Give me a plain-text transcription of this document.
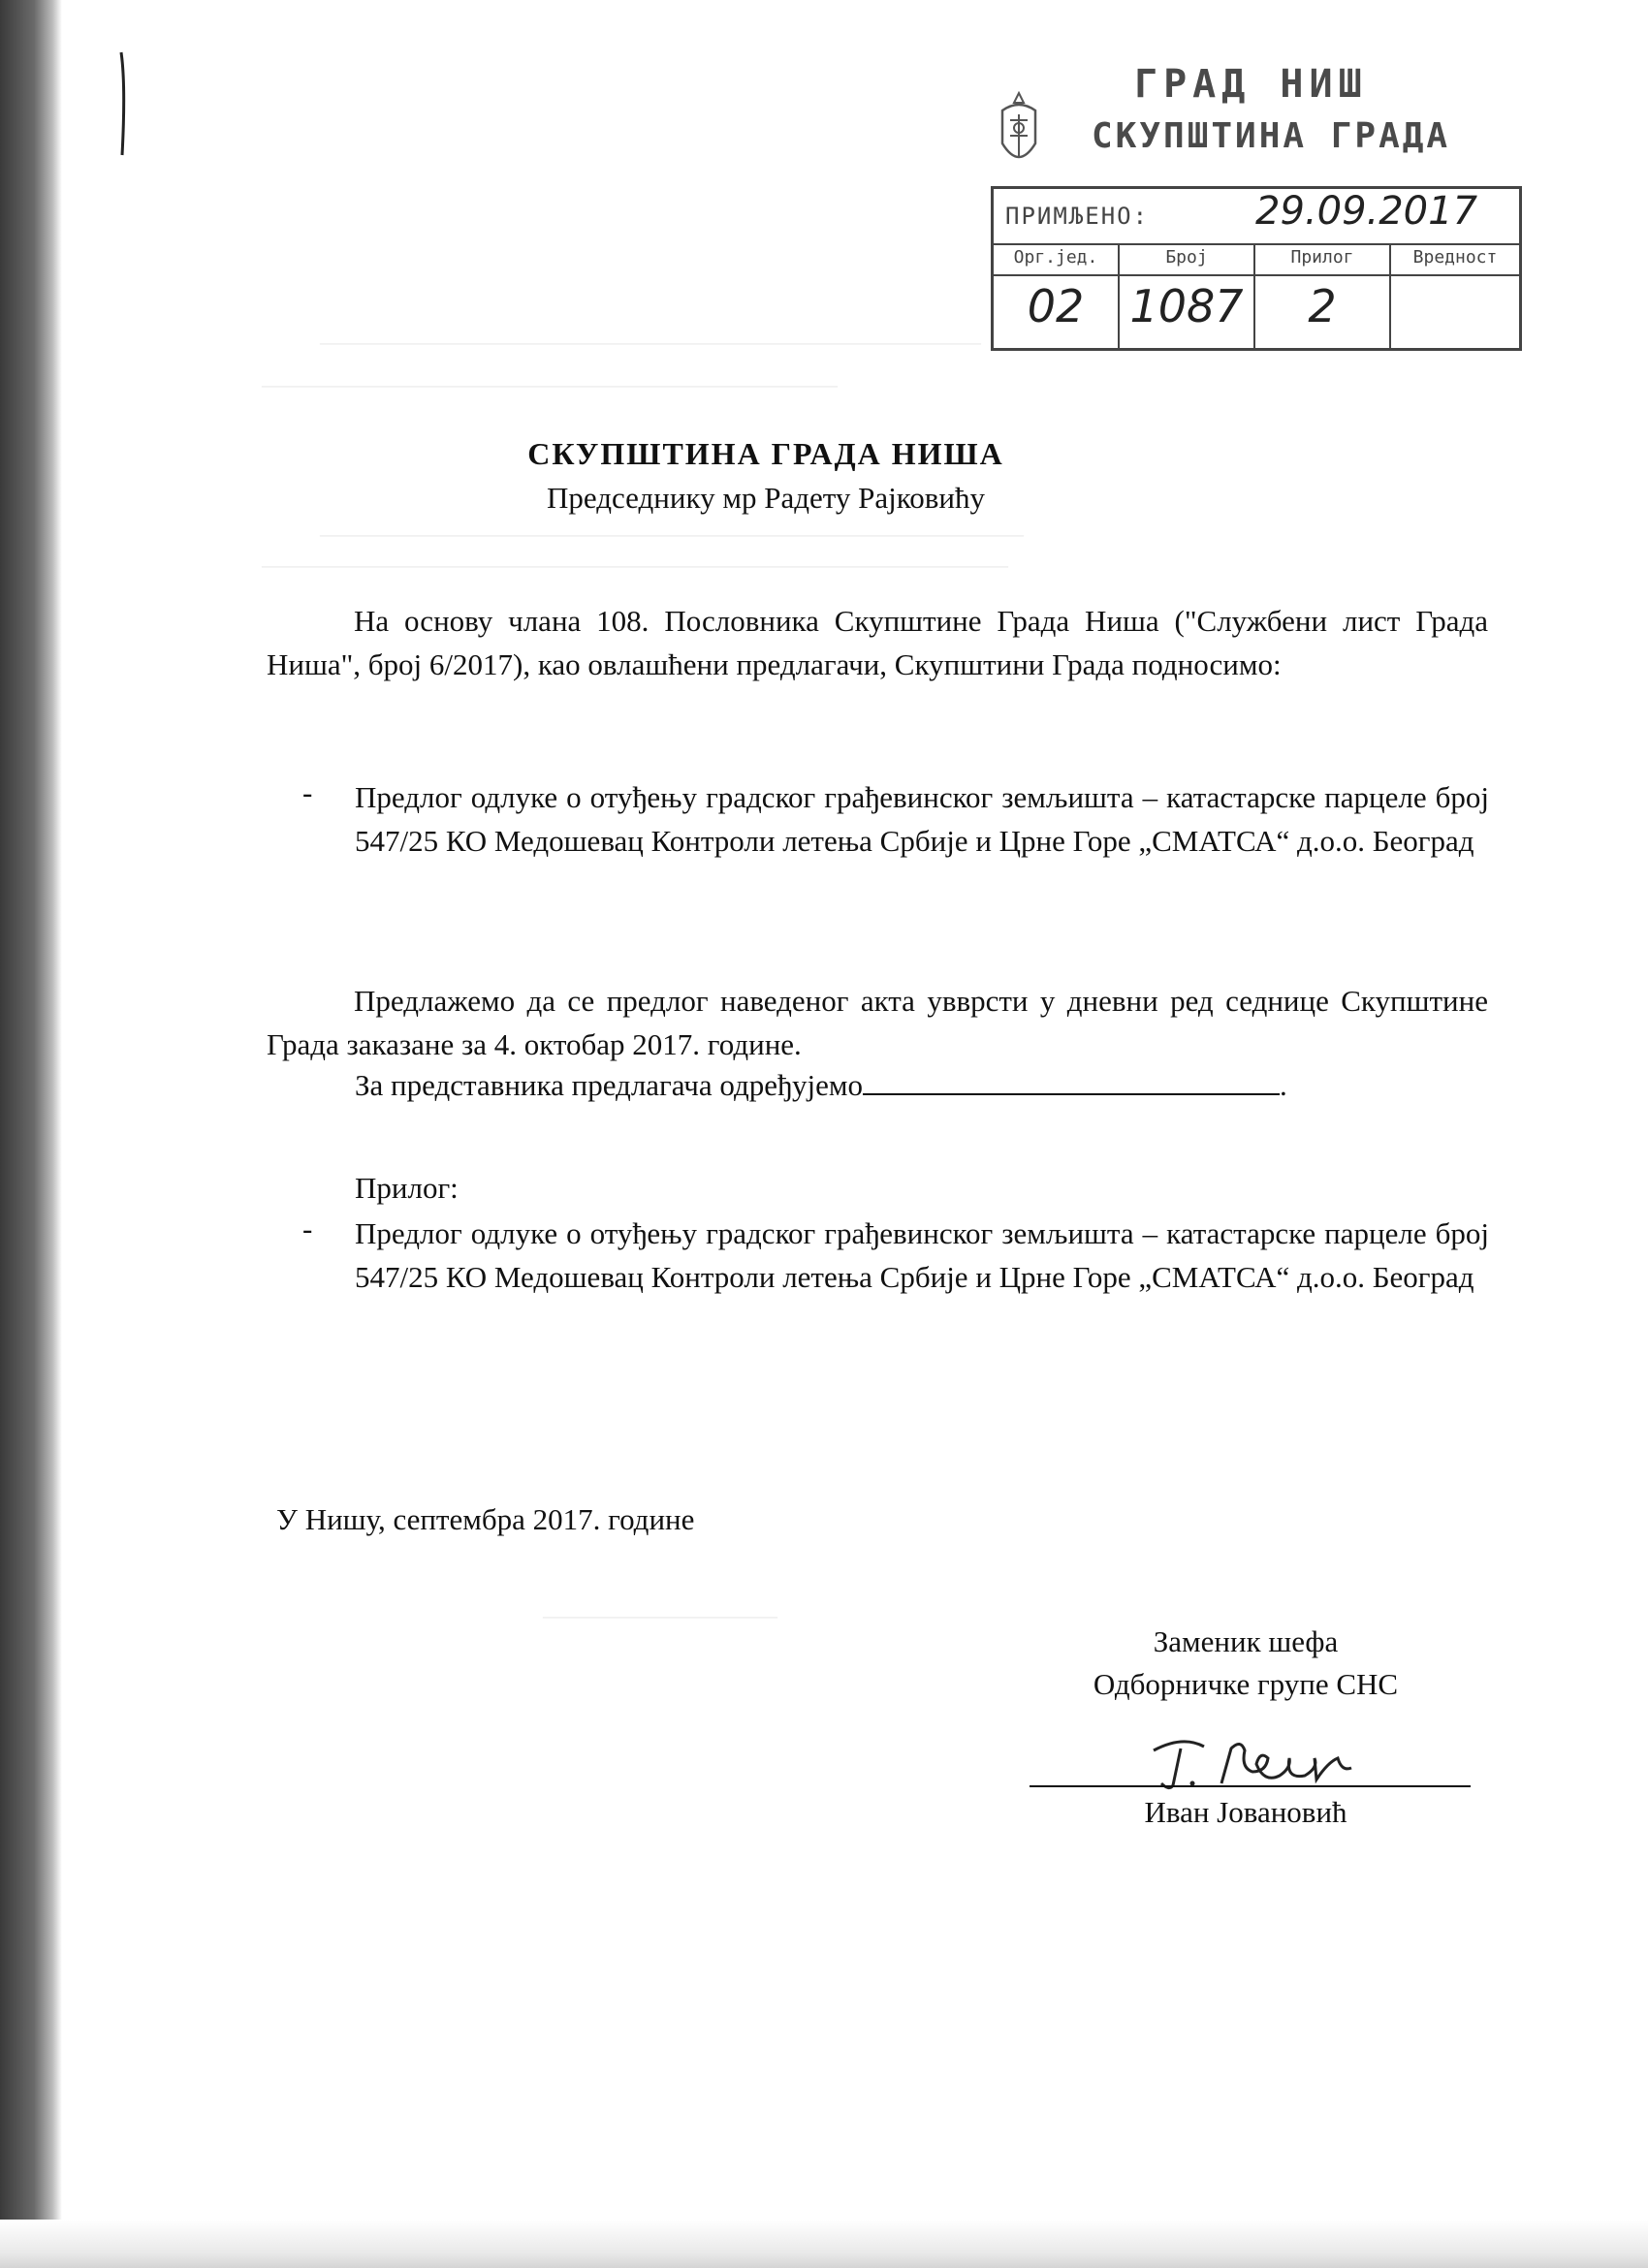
———————————————————————————————
———————————————————————————
—————————————————————————————————
———————————————————————————————————
———————————
ГРАД НИШ
СКУПШТИНА ГРАДА
ПРИМЉЕНО:	29.09.2017
Орг.јед.
02
Број
1087
Прилог
2
Вредност
СКУПШТИНА ГРАДА НИША
Председнику мр Радету Рајковићу
На основу члана 108. Пословника Скупштине Града Ниша ("Службени лист Града Ниша", број 6/2017), као овлашћени предлагачи, Скупштини Града подносимо:
- Предлог одлуке о отуђењу градског грађевинског земљишта – катастарске парцеле број 547/25 КО Медошевац Контроли летења Србије и Црне Горе „СМАТСА“ д.о.о. Београд
Предлажемо да се предлог наведеног акта увврсти у дневни ред седнице Скупштине Града заказане за 4. oктобар 2017. године.
За представника предлагача одређујемо	.
Прилог:
- Предлог одлуке о отуђењу градског грађевинског земљишта – катастарске парцеле број 547/25 КО Медошевац Контроли летења Србије и Црне Горе „СМАТСА“ д.о.о. Београд
У Нишу, септембра 2017. године
Заменик шефа
Одборничке групе СНС
Иван Јовановић
